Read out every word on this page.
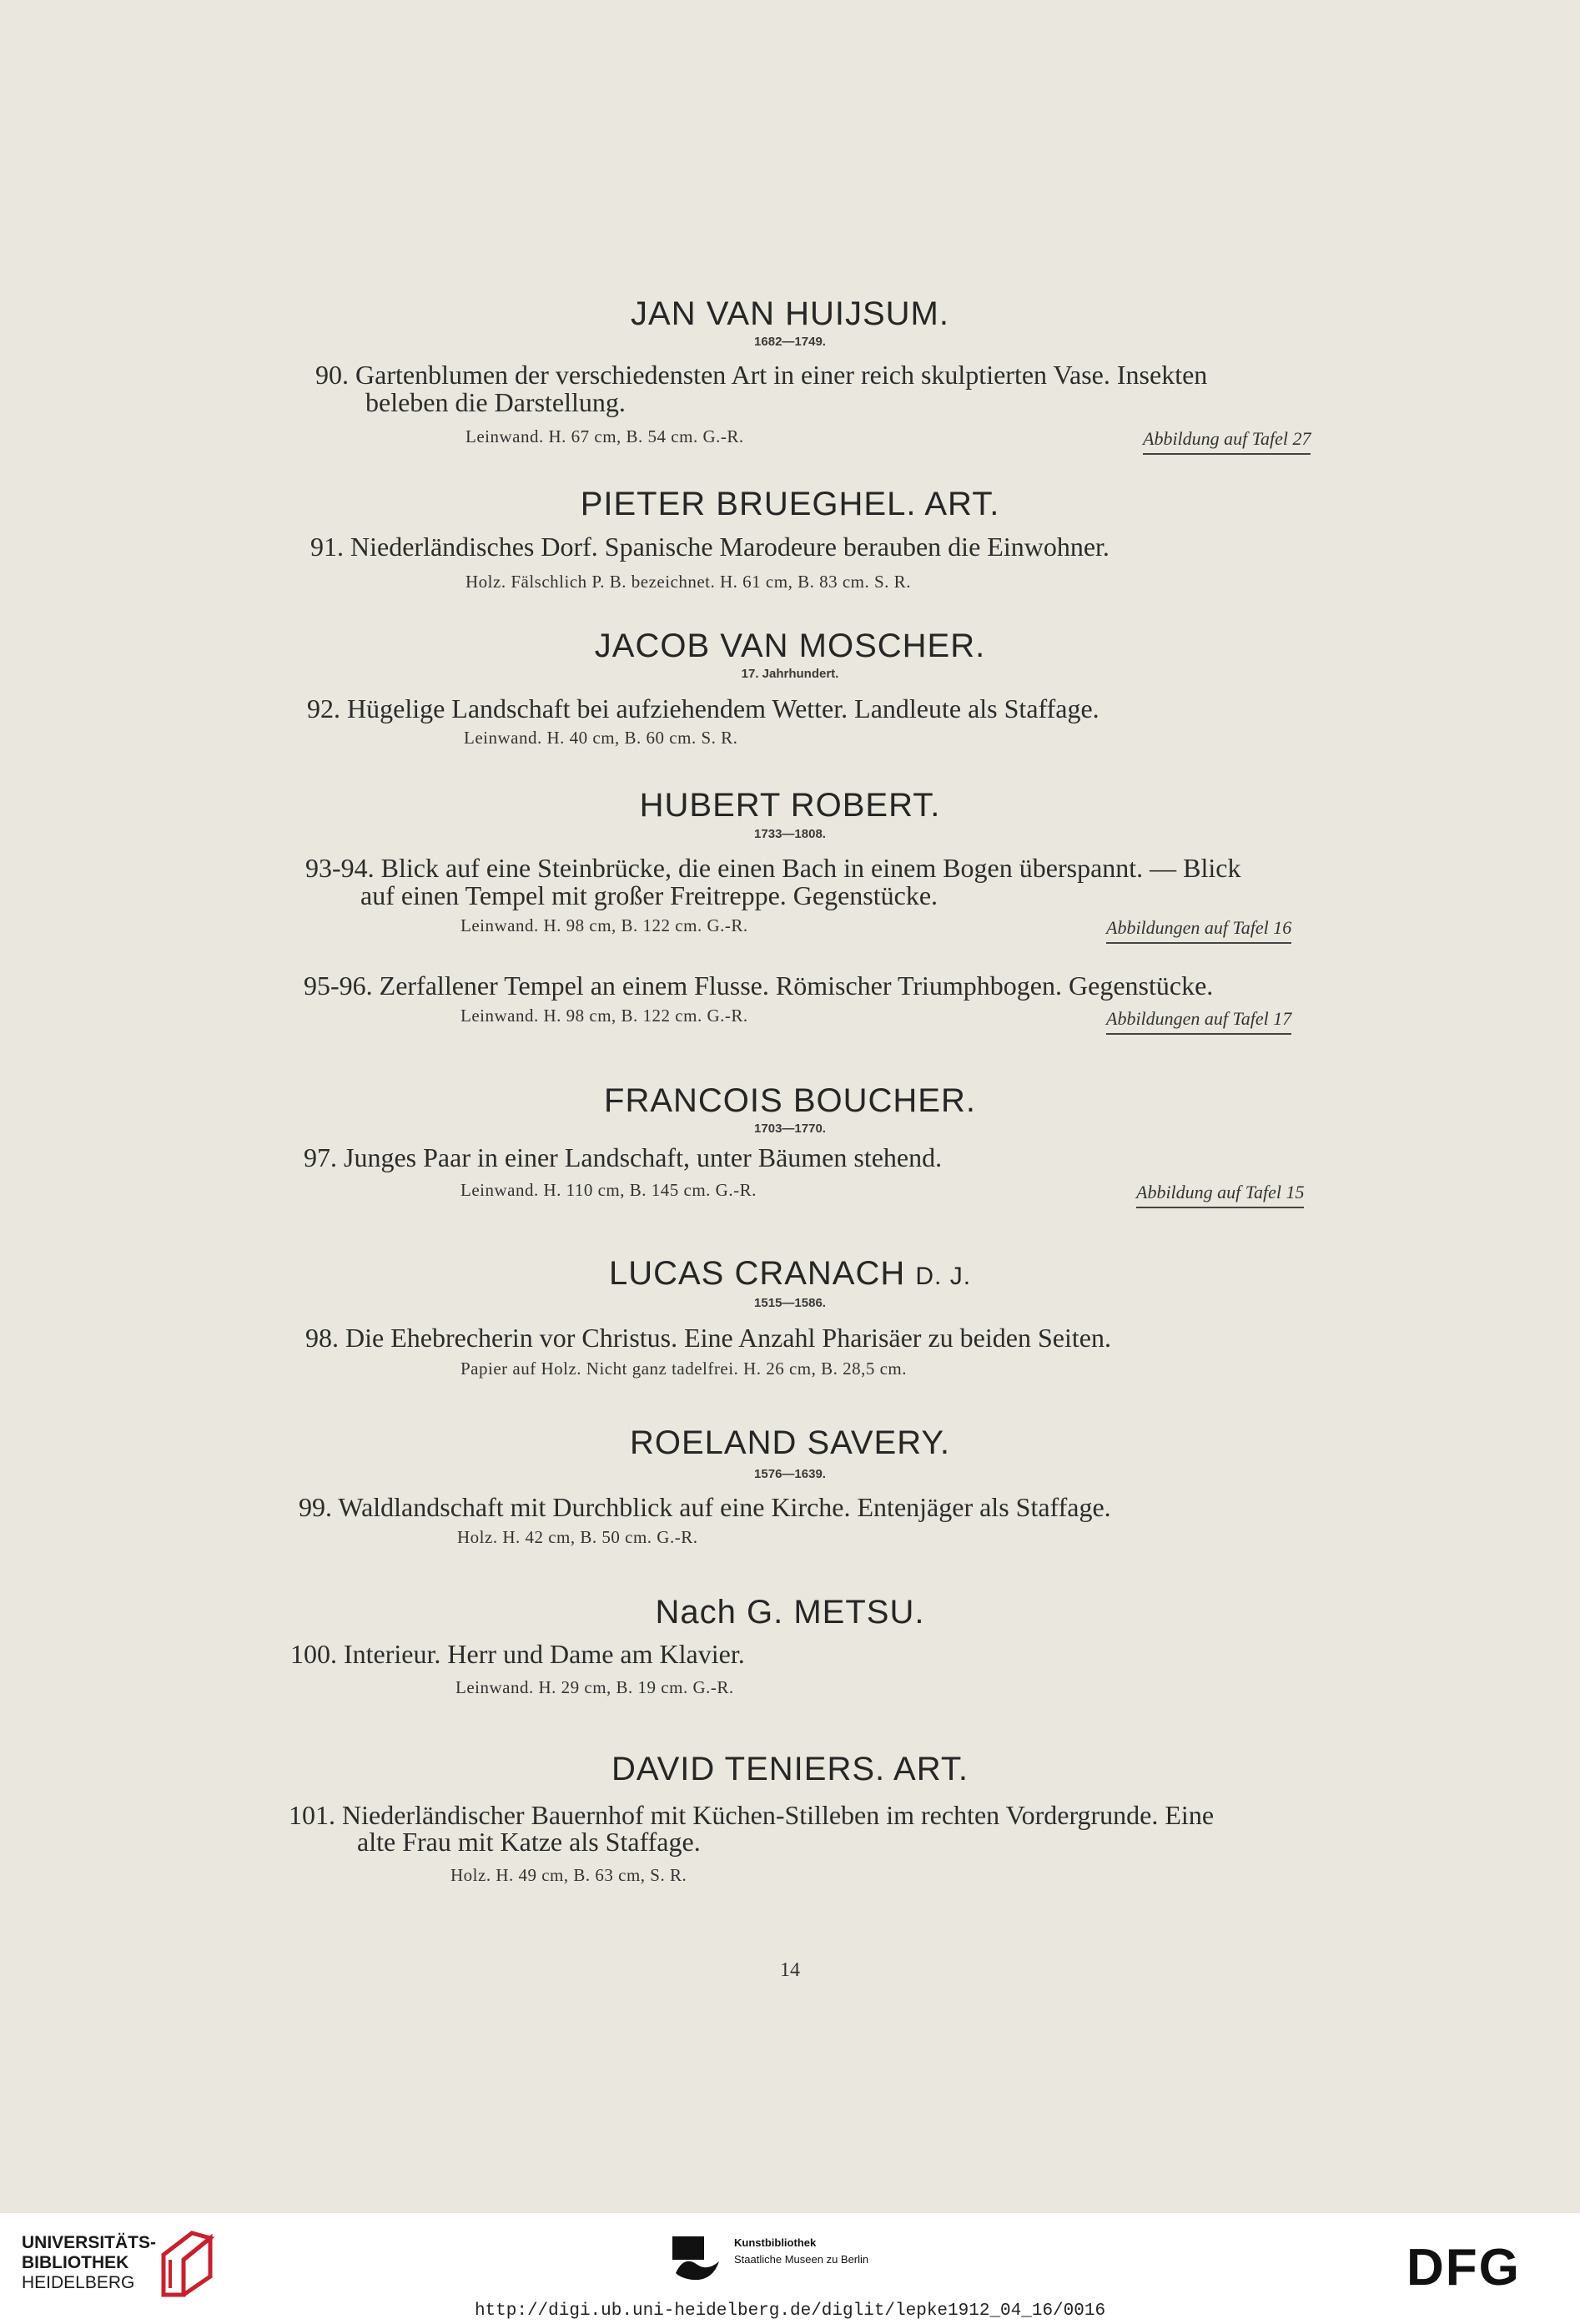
JAN VAN HUIJSUM.
1682—1749.
90. Gartenblumen der verschiedensten Art in einer reich skulptierten Vase. Insekten
beleben die Darstellung.
Leinwand. H. 67 cm, B. 54 cm. G.-R.	Abbildung auf Tafel 27
PIETER BRUEGHEL. ART.
91. Niederländisches Dorf. Spanische Marodeure berauben die Einwohner.
Holz. Fälschlich P. B. bezeichnet. H. 61 cm, B. 83 cm. S. R.
JACOB VAN MOSCHER.
17. Jahrhundert.
92. Hügelige Landschaft bei aufziehendem Wetter. Landleute als Staffage.
Leinwand. H. 40 cm, B. 60 cm. S. R.
HUBERT ROBERT.
1733—1808.
93-94. Blick auf eine Steinbrücke, die einen Bach in einem Bogen überspannt. — Blick
auf einen Tempel mit großer Freitreppe. Gegenstücke.
Leinwand. H. 98 cm, B. 122 cm. G.-R.	Abbildungen auf Tafel 16
95-96. Zerfallener Tempel an einem Flusse. Römischer Triumphbogen. Gegenstücke.
Leinwand. H. 98 cm, B. 122 cm. G.-R.	Abbildungen auf Tafel 17
FRANCOIS BOUCHER.
1703—1770.
97. Junges Paar in einer Landschaft, unter Bäumen stehend.
Leinwand. H. 110 cm, B. 145 cm. G.-R.	Abbildung auf Tafel 15
LUCAS CRANACH D. J.
1515—1586.
98. Die Ehebrecherin vor Christus. Eine Anzahl Pharisäer zu beiden Seiten.
Papier auf Holz. Nicht ganz tadelfrei. H. 26 cm, B. 28,5 cm.
ROELAND SAVERY.
1576—1639.
99. Waldlandschaft mit Durchblick auf eine Kirche. Entenjäger als Staffage.
Holz. H. 42 cm, B. 50 cm. G.-R.
Nach G. METSU.
100. Interieur. Herr und Dame am Klavier.
Leinwand. H. 29 cm, B. 19 cm. G.-R.
DAVID TENIERS. ART.
101. Niederländischer Bauernhof mit Küchen-Stilleben im rechten Vordergrunde. Eine
alte Frau mit Katze als Staffage.
Holz. H. 49 cm, B. 63 cm, S. R.
14
UNIVERSITÄTS-
BIBLIOTHEK
HEIDELBERG
Kunstbibliothek
Staatliche Museen zu Berlin	DFG
http://digi.ub.uni-heidelberg.de/diglit/lepke1912_04_16/0016
